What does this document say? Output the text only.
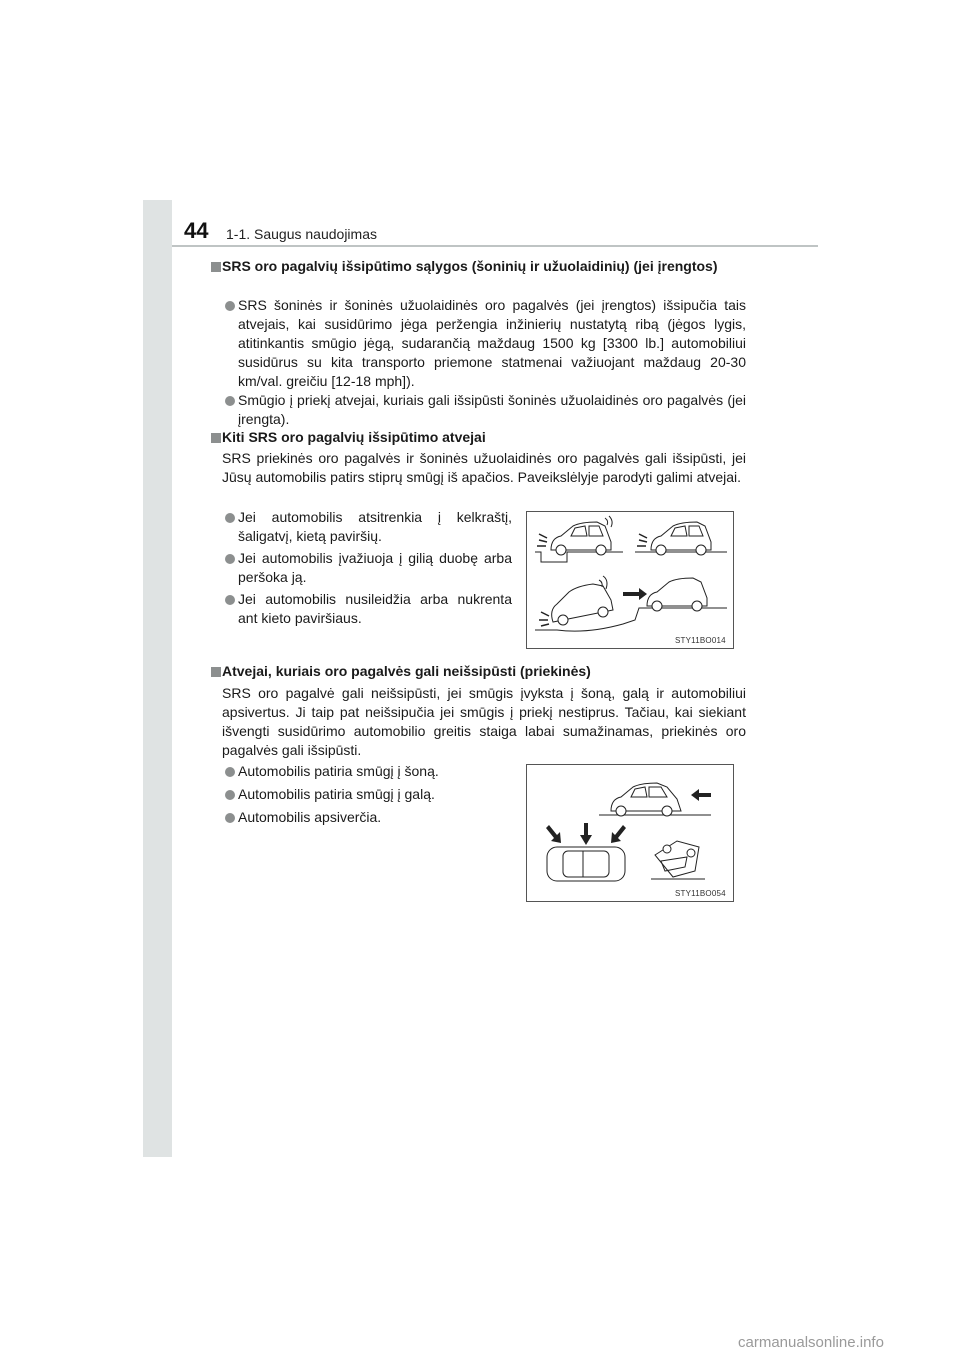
44 1-1. Saugus naudojimas
SRS oro pagalvių išsipūtimo sąlygos (šoninių ir užuolaidinių) (jei įrengtos)
SRS šoninės ir šoninės užuolaidinės oro pagalvės (jei įrengtos) išsipučia tais atvejais, kai susidūrimo jėga peržengia inžinierių nustatytą ribą (jėgos lygis, atitinkantis smūgio jėgą, sudarančią maždaug 1500 kg [3300 lb.] automobiliui susidūrus su kita transporto priemone statmenai važiuojant maždaug 20-30 km/val. greičiu [12-18 mph]).
Smūgio į priekį atvejai, kuriais gali išsipūsti šoninės užuolaidinės oro pagalvės (jei įrengta).
Kiti SRS oro pagalvių išsipūtimo atvejai
SRS priekinės oro pagalvės ir šoninės užuolaidinės oro pagalvės gali išsipūsti, jei Jūsų automobilis patirs stiprų smūgį iš apačios. Paveikslėlyje parodyti galimi atvejai.
Jei automobilis atsitrenkia į kelkraštį, šaligatvį, kietą paviršių.
Jei automobilis įvažiuoja į gilią duobę arba peršoka ją.
Jei automobilis nusileidžia arba nukrenta ant kieto paviršiaus.
STY11BO014
Atvejai, kuriais oro pagalvės gali neišsipūsti (priekinės)
SRS oro pagalvė gali neišsipūsti, jei smūgis įvyksta į šoną, galą ir automobiliui apsivertus. Ji taip pat neišsipučia jei smūgis į priekį nestiprus. Tačiau, kai siekiant išvengti susidūrimo automobilio greitis staiga labai sumažinamas, priekinės oro pagalvės gali išsipūsti.
Automobilis patiria smūgį į šoną.
Automobilis patiria smūgį į galą.
Automobilis apsiverčia.
STY11BO054
carmanualsonline.info
